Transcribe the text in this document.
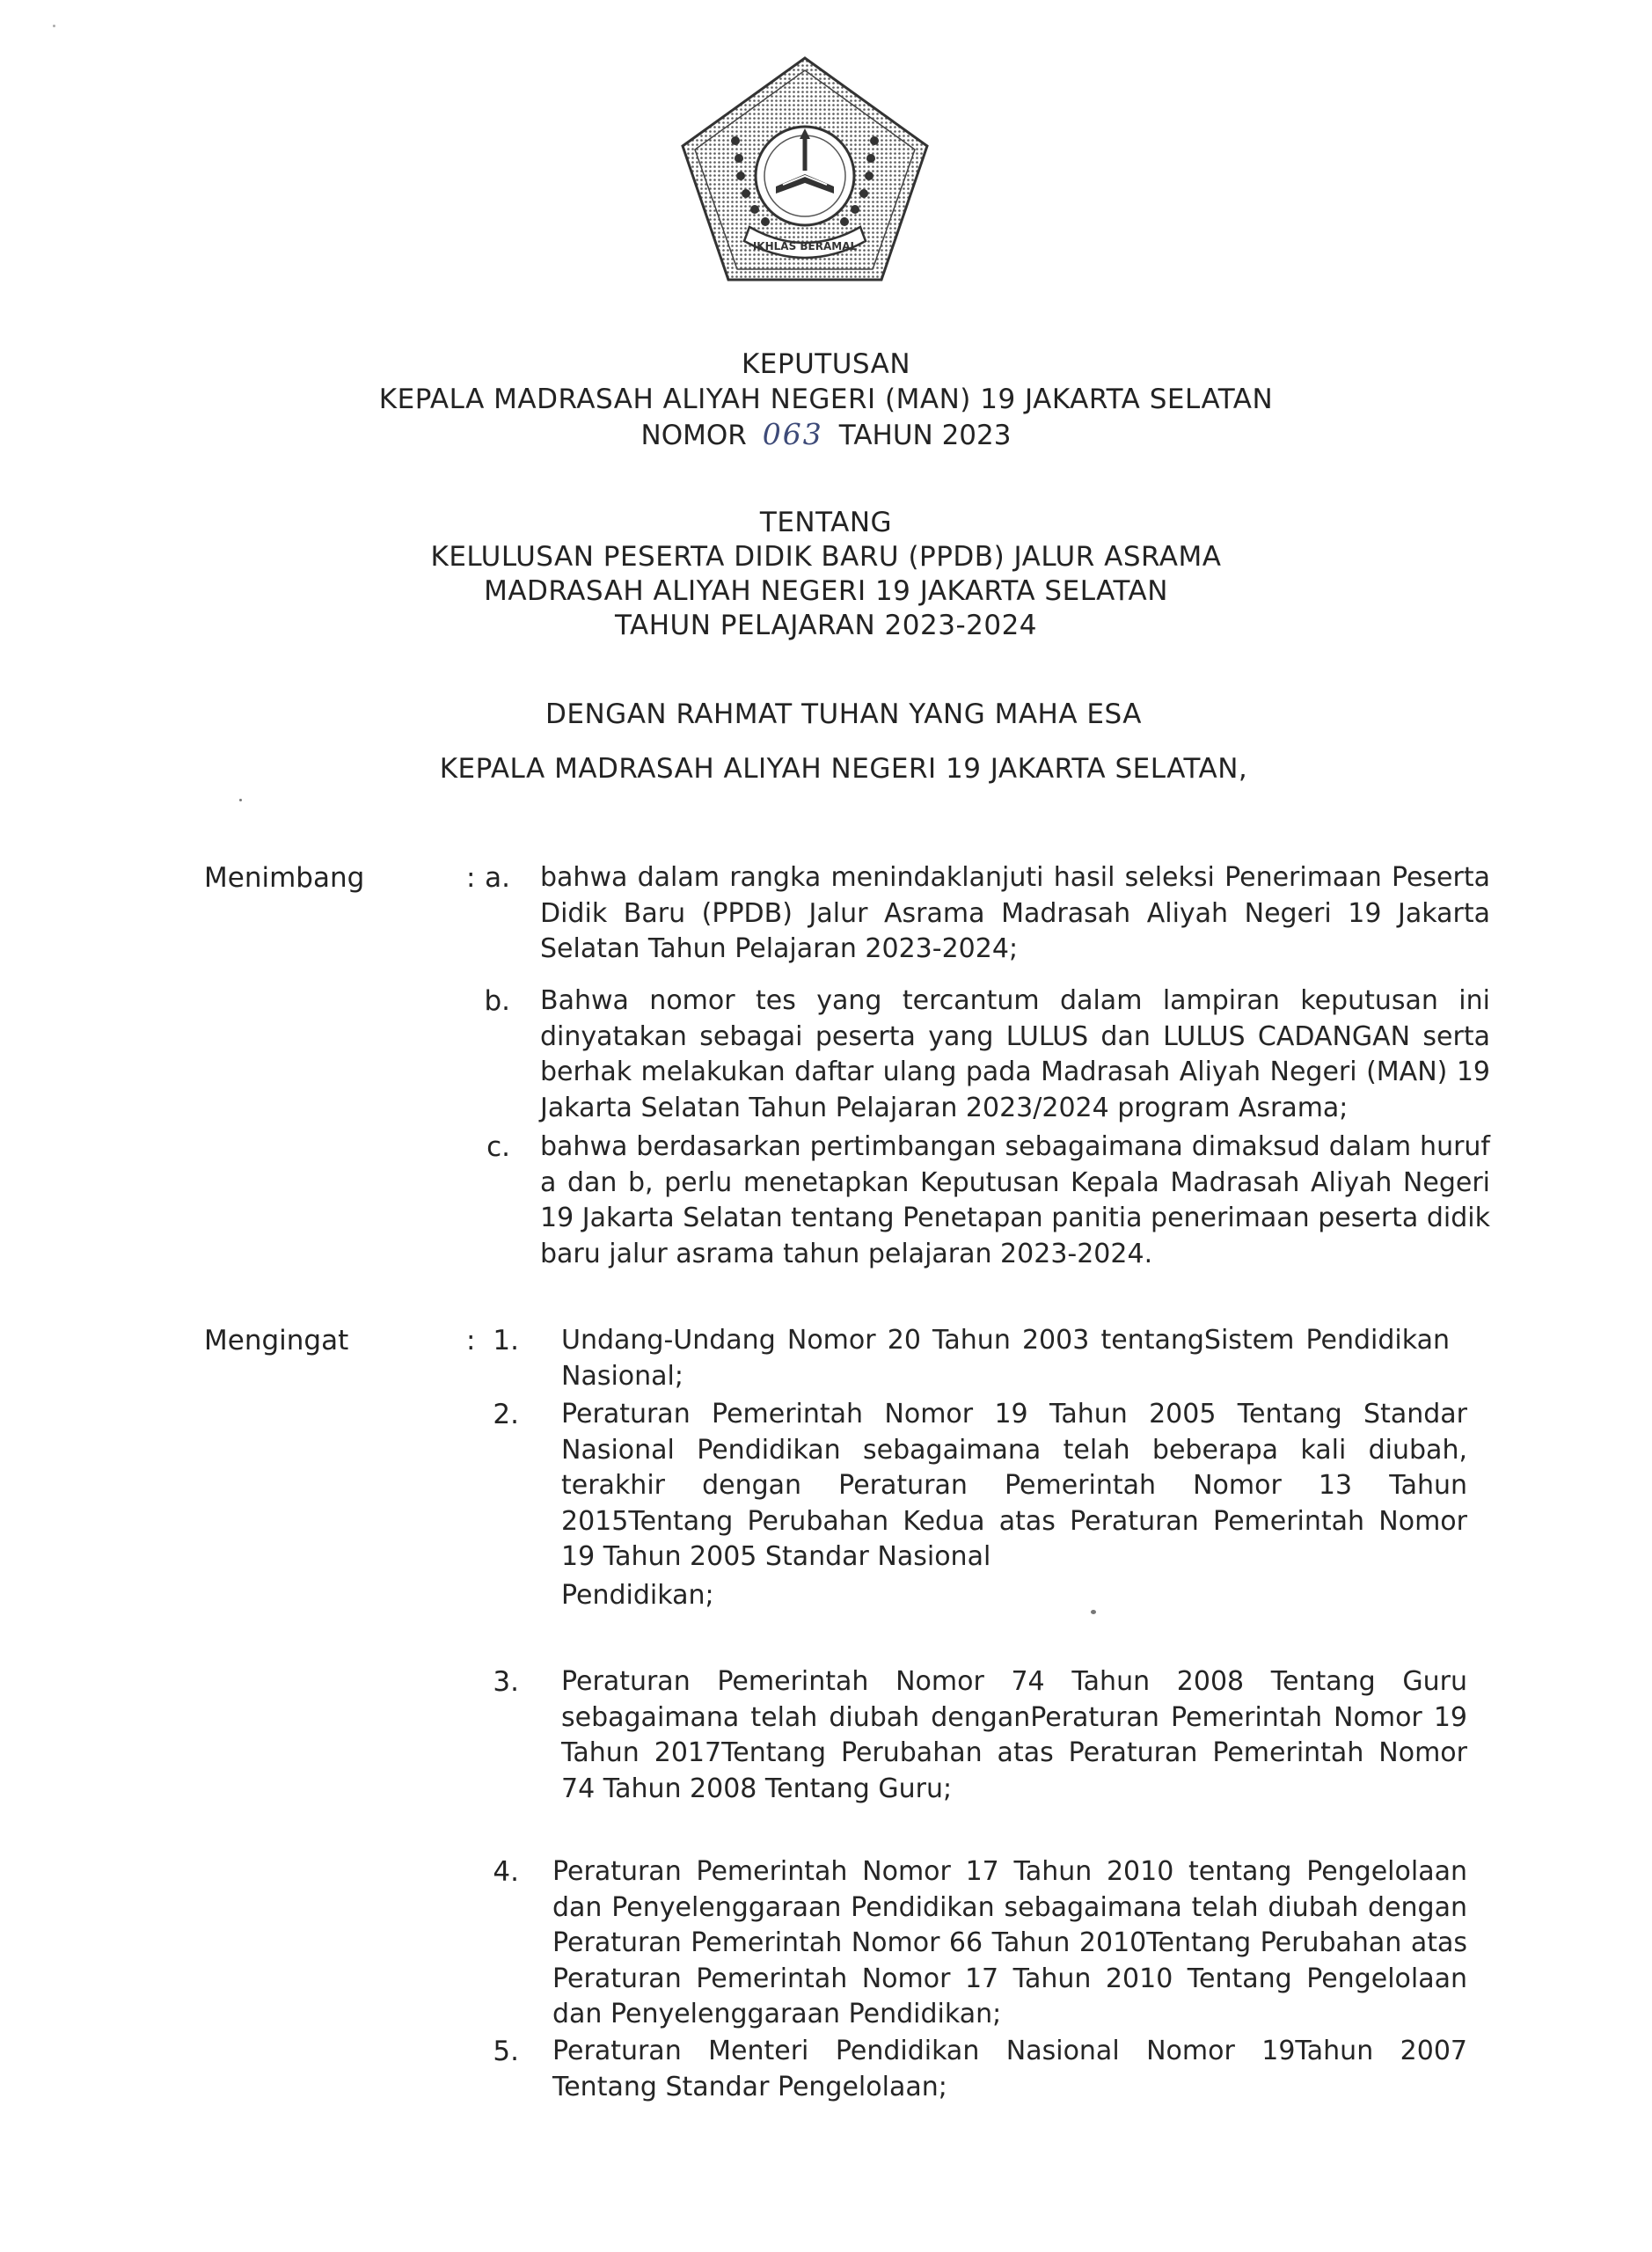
IKHLAS BERAMAL
KEPUTUSAN
KEPALA MADRASAH ALIYAH NEGERI (MAN) 19 JAKARTA SELATAN
NOMOR 063 TAHUN 2023
TENTANG
KELULUSAN PESERTA DIDIK BARU (PPDB) JALUR ASRAMA
MADRASAH ALIYAH NEGERI 19 JAKARTA SELATAN
TAHUN PELAJARAN 2023-2024
DENGAN RAHMAT TUHAN YANG MAHA ESA
KEPALA MADRASAH ALIYAH NEGERI 19 JAKARTA SELATAN,
Menimbang	: a. bahwa dalam rangka menindaklanjuti hasil seleksi Penerimaan Peserta Didik Baru (PPDB) Jalur Asrama Madrasah Aliyah Negeri 19 Jakarta Selatan Tahun Pelajaran 2023-2024;
b. Bahwa nomor tes yang tercantum dalam lampiran keputusan ini dinyatakan sebagai peserta yang LULUS dan LULUS CADANGAN serta berhak melakukan daftar ulang pada Madrasah Aliyah Negeri (MAN) 19 Jakarta Selatan Tahun Pelajaran 2023/2024 program Asrama;
c. bahwa berdasarkan pertimbangan sebagaimana dimaksud dalam huruf a dan b, perlu menetapkan Keputusan Kepala Madrasah Aliyah Negeri 19 Jakarta Selatan tentang Penetapan panitia penerimaan peserta didik baru jalur asrama tahun pelajaran 2023-2024.
Mengingat	: 1. Undang-Undang Nomor 20 Tahun 2003 tentangSistem Pendidikan Nasional;
2. Peraturan Pemerintah Nomor 19 Tahun 2005 Tentang Standar Nasional Pendidikan sebagaimana telah beberapa kali diubah, terakhir dengan Peraturan Pemerintah Nomor 13 Tahun 2015Tentang Perubahan Kedua atas Peraturan Pemerintah Nomor 19 Tahun 2005 Standar Nasional
Pendidikan;
3. Peraturan Pemerintah Nomor 74 Tahun 2008 Tentang Guru sebagaimana telah diubah denganPeraturan Pemerintah Nomor 19 Tahun 2017Tentang Perubahan atas Peraturan Pemerintah Nomor 74 Tahun 2008 Tentang Guru;
4. Peraturan Pemerintah Nomor 17 Tahun 2010 tentang Pengelolaan dan Penyelenggaraan Pendidikan sebagaimana telah diubah dengan Peraturan Pemerintah Nomor 66 Tahun 2010Tentang Perubahan atas Peraturan Pemerintah Nomor 17 Tahun 2010 Tentang Pengelolaan dan Penyelenggaraan Pendidikan;
5. Peraturan Menteri Pendidikan Nasional Nomor 19Tahun 2007 Tentang Standar Pengelolaan;
